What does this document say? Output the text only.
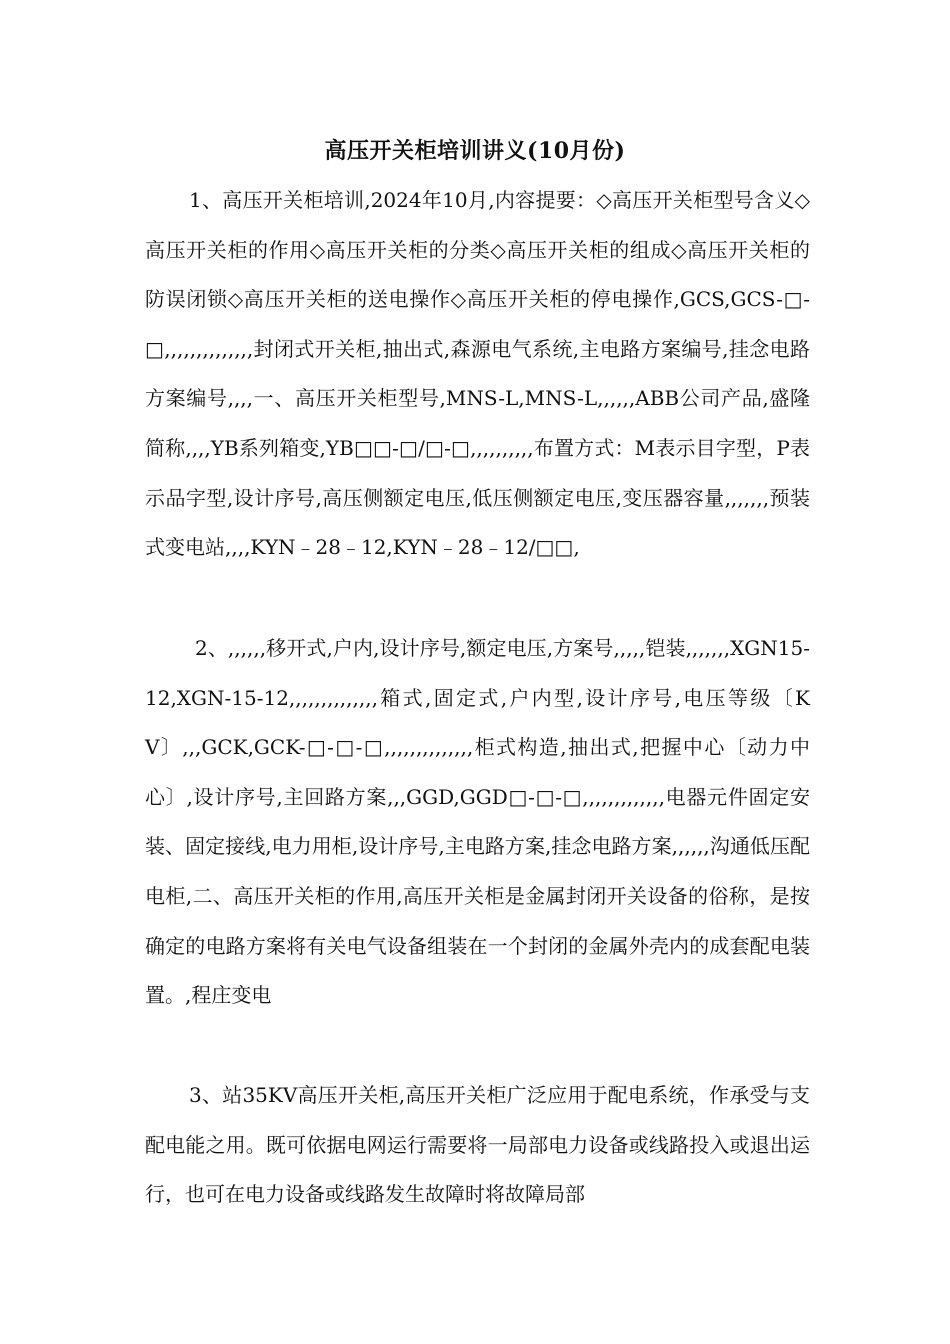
高压开关柜培训讲义(10月份)

1、高压开关柜培训,2024年10月,内容提要：◇高压开关柜型号含义◇高压开关柜的作用◇高压开关柜的分类◇高压开关柜的组成◇高压开关柜的防误闭锁◇高压开关柜的送电操作◇高压开关柜的停电操作,GCS,GCS-□-□,,,,,,,,,,,,,,封闭式开关柜,抽出式,森源电气系统,主电路方案编号,挂念电路方案编号,,,,一、高压开关柜型号,MNS-L,MNS-L,,,,,,ABB公司产品,盛隆简称,,,,YB系列箱变,YB□□-□/□-□,,,,,,,,,,布置方式：M表示目字型，P表示品字型,设计序号,高压侧额定电压,低压侧额定电压,变压器容量,,,,,,,预装式变电站,,,,KYN﹣28﹣12,KYN﹣28﹣12/□□,

2、,,,,,,移开式,户内,设计序号,额定电压,方案号,,,,,铠装,,,,,,,XGN15-12,XGN-15-12,,,,,,,,,,,,,,箱式,固定式,户内型,设计序号,电压等级〔KV〕,,,GCK,GCK-□-□-□,,,,,,,,,,,,,,柜式构造,抽出式,把握中心〔动力中心〕,设计序号,主回路方案,,,GGD,GGD□-□-□,,,,,,,,,,,,,电器元件固定安装、固定接线,电力用柜,设计序号,主电路方案,挂念电路方案,,,,,,沟通低压配电柜,二、高压开关柜的作用,高压开关柜是金属封闭开关设备的俗称，是按确定的电路方案将有关电气设备组装在一个封闭的金属外壳内的成套配电装置。,程庄变电

3、站35KV高压开关柜,高压开关柜广泛应用于配电系统，作承受与支配电能之用。既可依据电网运行需要将一局部电力设备或线路投入或退出运行，也可在电力设备或线路发生故障时将故障局部
